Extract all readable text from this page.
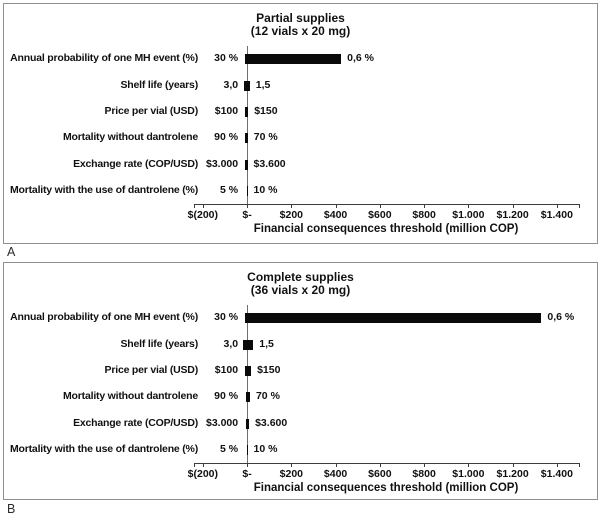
Partial supplies
(12 vials x 20 mg)
Annual probability of one MH event (%) 30 %	0,6 %
Shelf life (years) 3,0 1,5
Price per vial (USD) $100 $150
Mortality without dantrolene 90 % 70 %
Exchange rate (COP/USD) $3.000 $3.600
Mortality with the use of dantrolene (%) 5 % 10 %
$(200) $-	$200 $400 $600 $800 $1.000 $1.200 $1.400
Financial consequences threshold (million COP)
A
Complete supplies
(36 vials x 20 mg)
Annual probability of one MH event (%) 30 %	0,6 %
Shelf life (years) 3,0 1,5
Price per vial (USD) $100 $150
Mortality without dantrolene 90 % 70 %
Exchange rate (COP/USD) $3.000 $3.600
Mortality with the use of dantrolene (%) 5 % 10 %
$(200) $-	$200 $400 $600 $800 $1.000 $1.200 $1.400
Financial consequences threshold (million COP)
B
